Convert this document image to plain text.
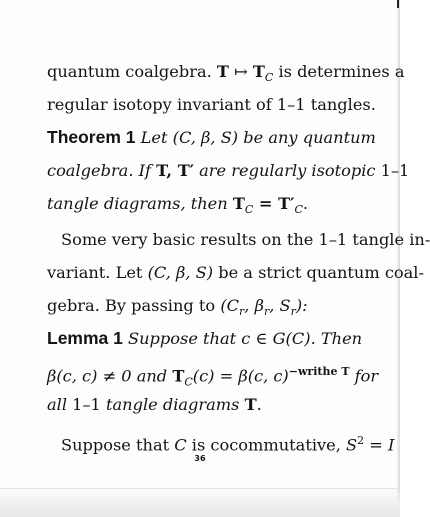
quantum coalgebra. T ↦ $T_C$ is determines a
regular isotopy invariant of 1–1 tangles.
Theorem 1 Let (C, β, S) be any quantum
coalgebra. If T, T′ are regularly isotopic 1–1
tangle diagrams, then $T_C = T'_C$.
Some very basic results on the 1–1 tangle in-
variant. Let (C, β, S) be a strict quantum coal-
gebra. By passing to ($C_r$, $\beta_r$, $S_r$):
Lemma 1 Suppose that c ∈ G(C). Then
β(c, c) ≠ 0 and $T_C(c) = \beta(c$, c)$^{-writhe T}$ for
all 1–1 tangle diagrams T.
Suppose that C is cocommutative, $S^2 = I$
36
